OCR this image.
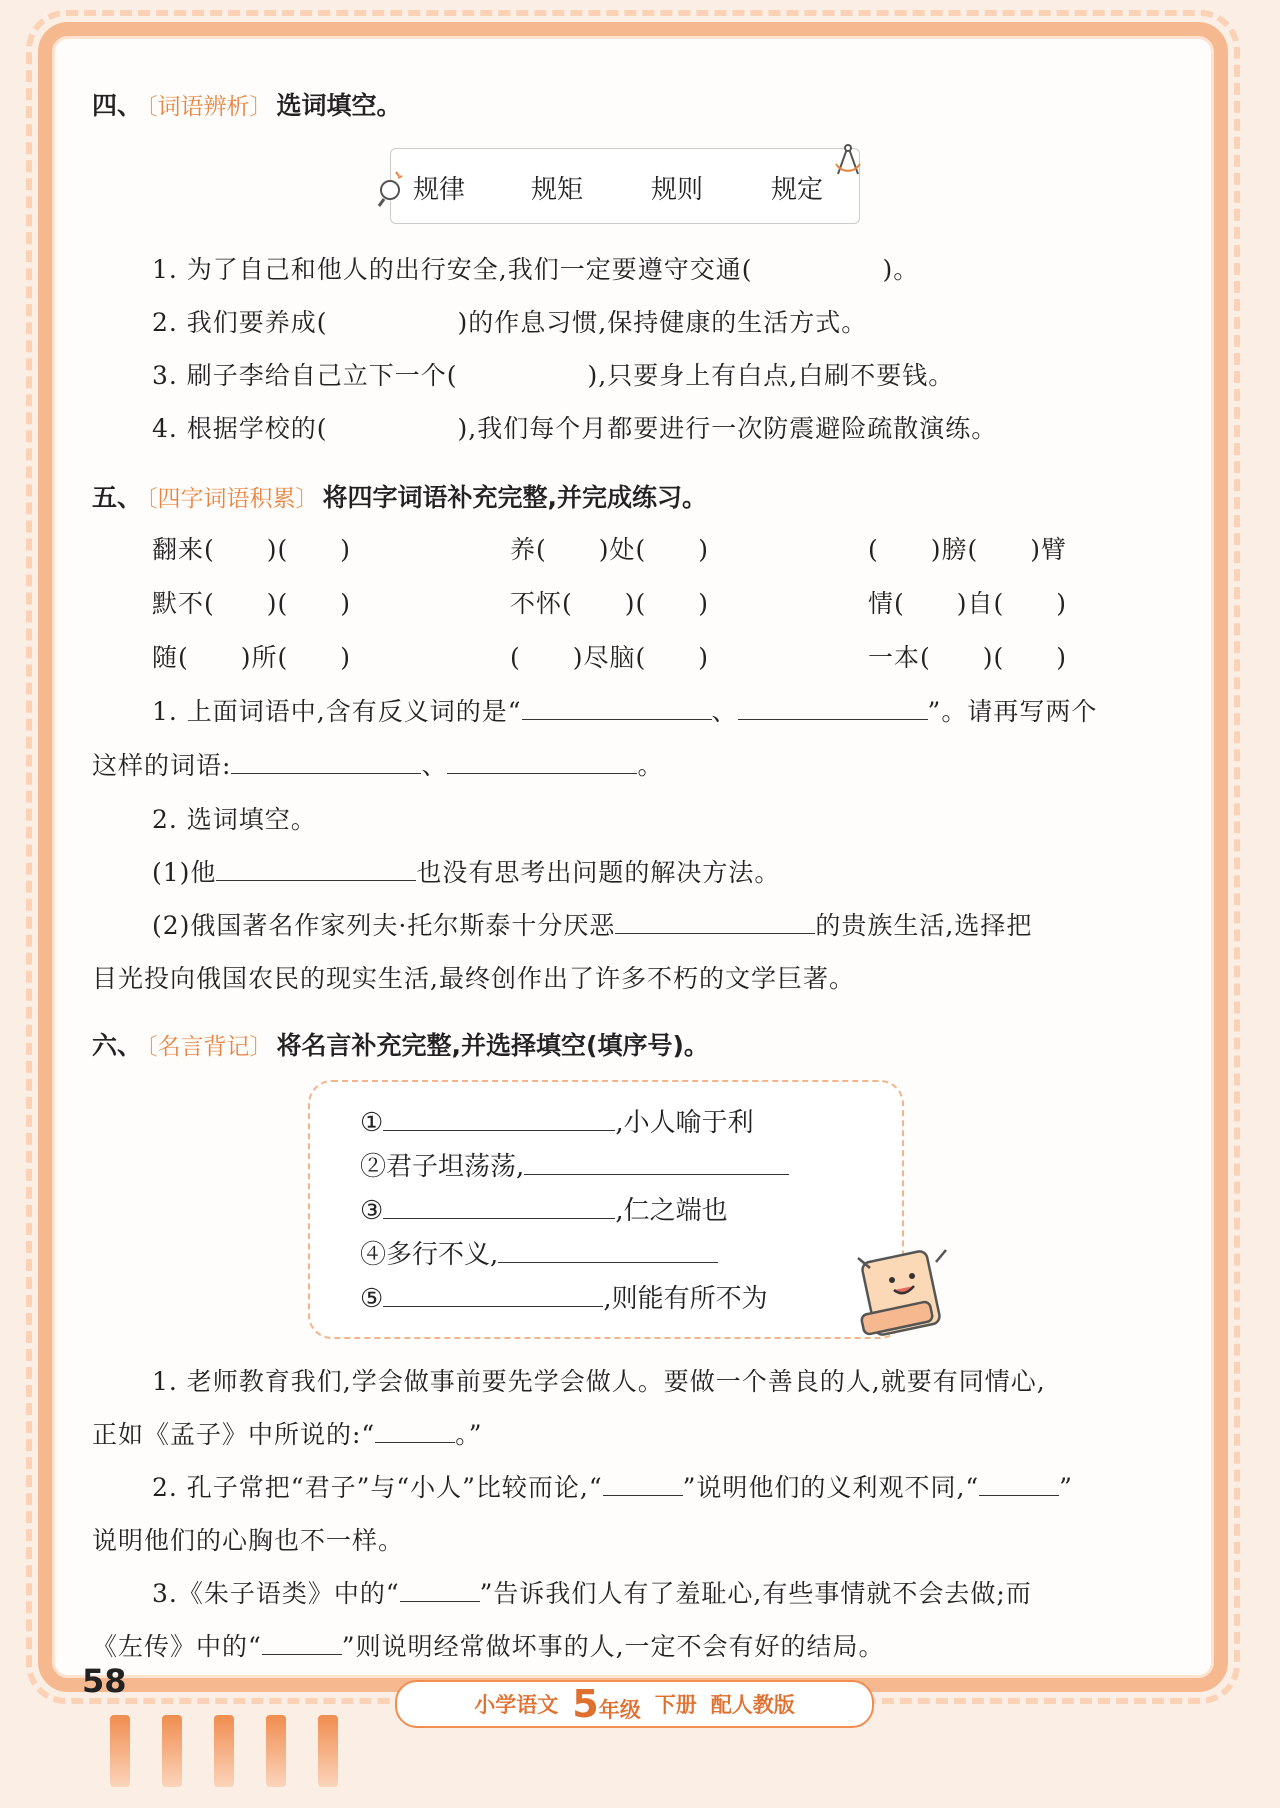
四、 〔词语辨析〕 选词填空。
规律	规矩	规则	规定
1. 为了自己和他人的出行安全,我们一定要遵守交通(　　　　　)。
2. 我们要养成(　　　　　)的作息习惯,保持健康的生活方式。
3. 刷子李给自己立下一个(　　　　　),只要身上有白点,白刷不要钱。
4. 根据学校的(　　　　　),我们每个月都要进行一次防震避险疏散演练。
五、 〔四字词语积累〕 将四字词语补充完整,并完成练习。
翻来(　　)(　　)	养(　　)处(　　)	(　　)膀(　　)臂
默不(　　)(　　)	不怀(　　)(　　)	情(　　)自(　　)
随(　　)所(　　)	(　　)尽脑(　　)	一本(　　)(　　)
1. 上面词语中,含有反义词的是“	、	”。请再写两个
这样的词语:	、	。
2. 选词填空。
(1)他	也没有思考出问题的解决方法。
(2)俄国著名作家列夫·托尔斯泰十分厌恶	的贵族生活,选择把
目光投向俄国农民的现实生活,最终创作出了许多不朽的文学巨著。
六、 〔名言背记〕 将名言补充完整,并选择填空(填序号)。
①	,小人喻于利
②君子坦荡荡,
③	,仁之端也
④多行不义,
⑤	,则能有所不为
1. 老师教育我们,学会做事前要先学会做人。要做一个善良的人,就要有同情心,
正如《孟子》中所说的:“	。”
2. 孔子常把“君子”与“小人”比较而论,“	”说明他们的义利观不同,“	”
说明他们的心胸也不一样。
3.《朱子语类》中的“	”告诉我们人有了羞耻心,有些事情就不会去做;而
《左传》中的“	”则说明经常做坏事的人,一定不会有好的结局。
58
小学语文 5年级 下册 配人教版
